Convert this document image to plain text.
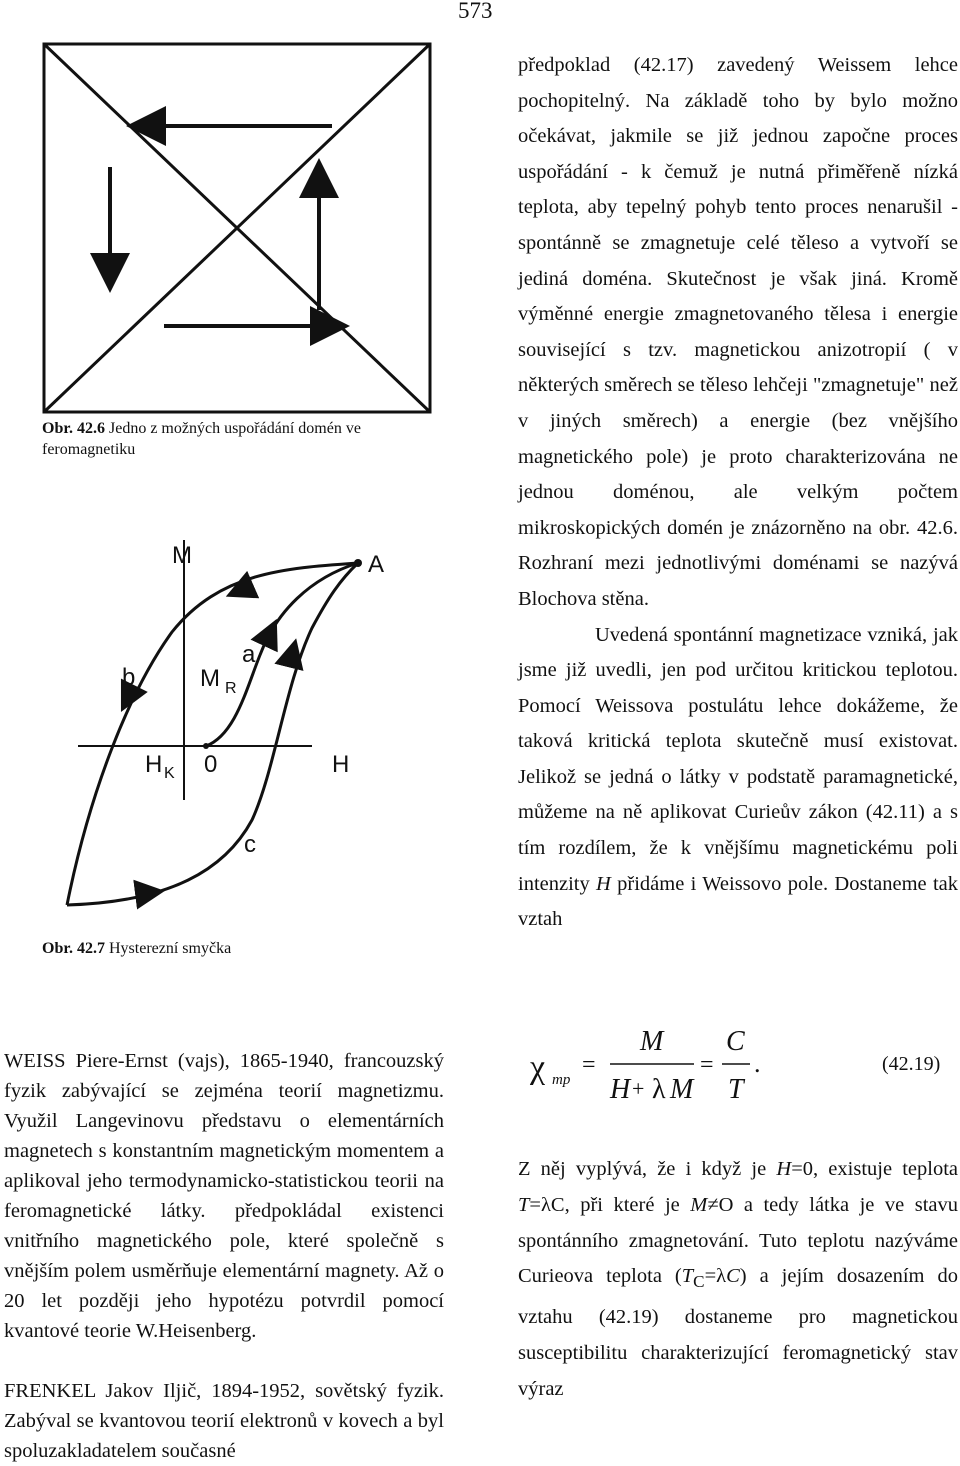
573
Obr. 42.6 Jedno z možných uspořádání domén ve feromagnetiku
M	A
a
b	M R
H K 0	H
c
Obr. 42.7 Hysterezní smyčka

předpoklad (42.17) zavedený Weissem lehce pochopitelný. Na základě toho by bylo možno očekávat, jakmile se již jednou započne proces uspořádání - k čemuž je nutná přiměřeně nízká teplota, aby tepelný pohyb tento proces nenarušil - spontánně se zmagnetuje celé těleso a vytvoří se jediná doména. Skutečnost je však jiná. Kromě výměnné energie zmagnetovaného tělesa i energie související s tzv. magnetickou anizotropií ( v některých směrech se těleso lehčeji "zmagnetuje" než v jiných směrech) a energie (bez vnějšího magnetického pole) je proto charakterizována ne jednou doménou, ale velkým počtem mikroskopických domén je znázorněno na obr. 42.6. Rozhraní mezi jednotlivými doménami se nazývá Blochova stěna.

Uvedená spontánní magnetizace vzniká, jak jsme již uvedli, jen pod určitou kritickou teplotou. Pomocí Weissova postulátu lehce dokážeme, že taková kritická teplota skutečně musí existovat. Jelikož se jedná o látky v podstatě paramagnetické, můžeme na ně aplikovat Curieův zákon (42.11) a s tím rozdílem, že k vnějšímu magnetickému poli intenzity H přidáme i Weissovo pole. Dostaneme tak vztah

χ mp
=
M
H + λ M
=
C
T
.	(42.19)

Z něj vyplývá, že i když je H=0, existuje teplota T=λC, při které je M≠O a tedy látka je ve stavu spontánního zmagnetování. Tuto teplotu nazýváme Curieova teplota $(T_C=\lambda C)$ a jejím dosazením do vztahu (42.19) dostaneme pro magnetickou susceptibilitu charakterizující feromagnetický stav výraz

WEISS Piere-Ernst (vajs), 1865-1940, francouzský fyzik zabývající se zejména teorií magnetizmu. Využil Langevinovu představu o elementárních magnetech s konstantním magnetickým momentem a aplikoval jeho termodynamicko-statistickou teorii na feromagnetické látky. předpokládal existenci vnitřního magnetického pole, které společně s vnějším polem usměrňuje elementární magnety. Až o 20 let později jeho hypotézu potvrdil pomocí kvantové teorie W.Heisenberg.

FRENKEL Jakov Iljič, 1894-1952, sovětský fyzik. Zabýval se kvantovou teorií elektronů v kovech a byl spoluzakladatelem současné
